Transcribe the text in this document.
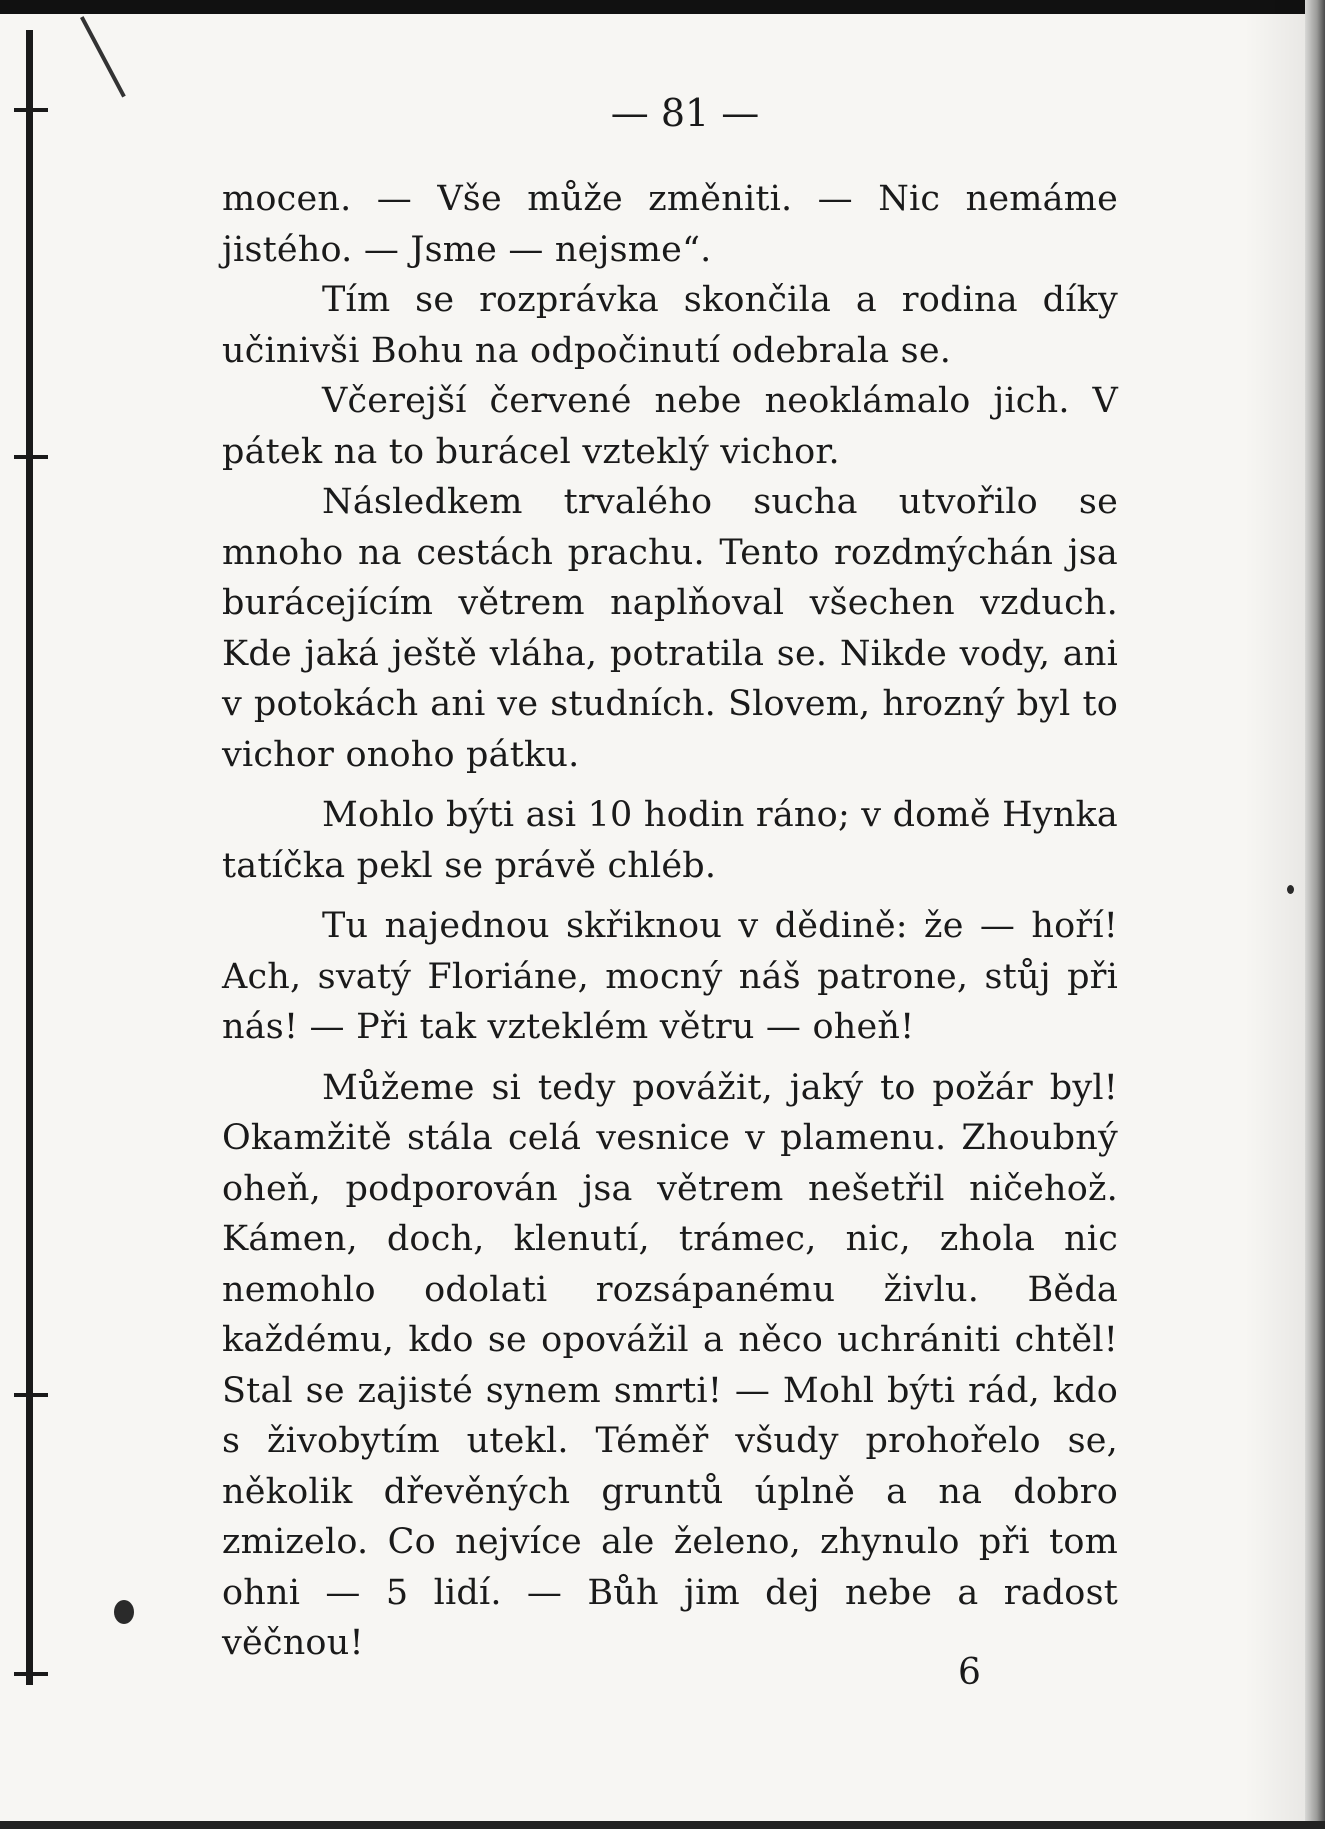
— 81 —

mocen. — Vše může změniti. — Nic nemáme jistého. — Jsme — nejsme“.

Tím se rozprávka skončila a rodina díky učinivši Bohu na odpočinutí odebrala se.

Včerejší červené nebe neoklámalo jich. V pátek na to burácel vzteklý vichor.

Následkem trvalého sucha utvořilo se mnoho na cestách prachu. Tento rozdmýchán jsa burácejícím větrem naplňoval všechen vzduch. Kde jaká ještě vláha, potratila se. Nikde vody, ani v potokách ani ve studních. Slovem, hrozný byl to vichor onoho pátku.

Mohlo býti asi 10 hodin ráno; v domě Hynka tatíčka pekl se právě chléb.

Tu najednou skřiknou v dědině: že — hoří! Ach, svatý Floriáne, mocný náš patrone, stůj při nás! — Při tak vzteklém větru — oheň!

Můžeme si tedy povážit, jaký to požár byl! Okamžitě stála celá vesnice v plamenu. Zhoubný oheň, podporován jsa větrem nešetřil ničehož. Kámen, doch, klenutí, trámec, nic, zhola nic nemohlo odolati rozsápanému živlu. Běda každému, kdo se opovážil a něco uchrániti chtěl! Stal se zajisté synem smrti! — Mohl býti rád, kdo s živobytím utekl. Téměř všudy prohořelo se, několik dřevěných gruntů úplně a na dobro zmizelo. Co nejvíce ale želeno, zhynulo při tom ohni — 5 lidí. — Bůh jim dej nebe a radost věčnou!

6
